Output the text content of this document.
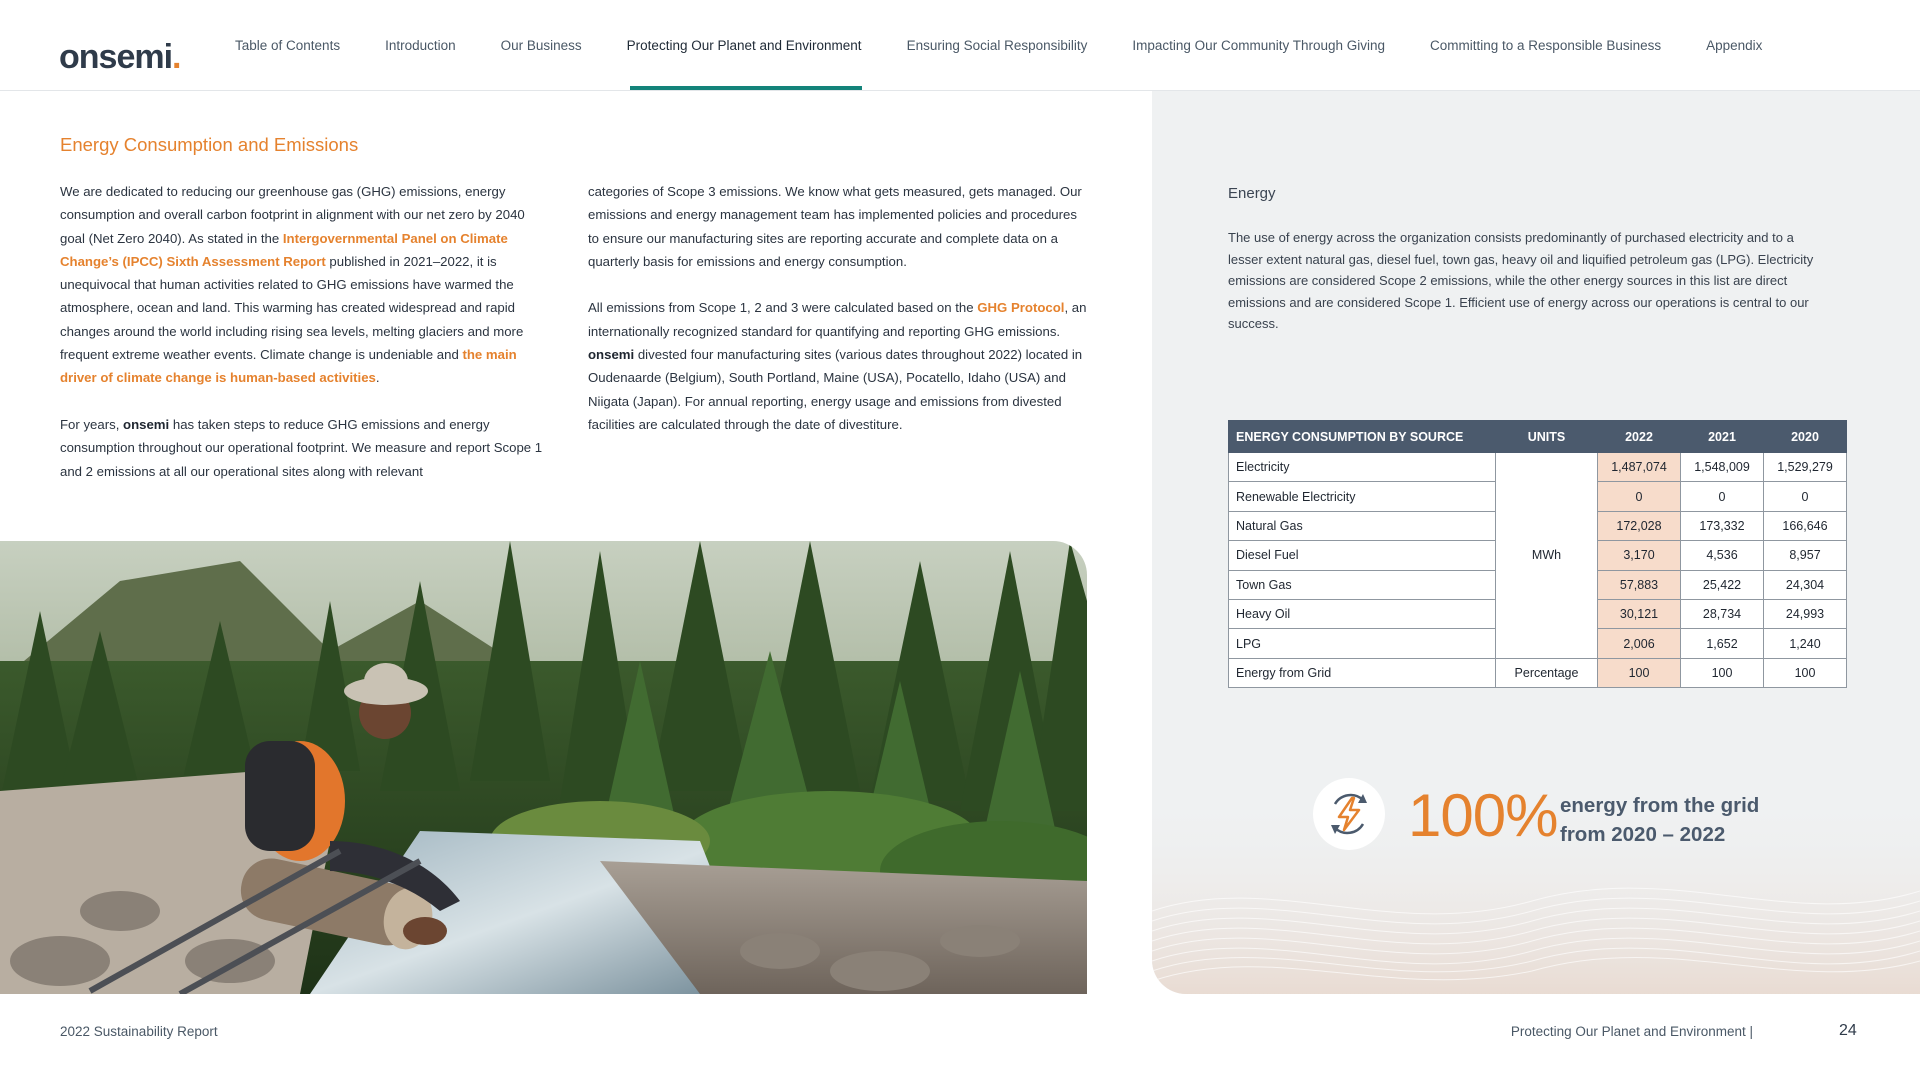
onsemi.	Table of Contents	Introduction	Our Business	Protecting Our Planet and Environment	Ensuring Social Responsibility	Impacting Our Community Through Giving	Committing to a Responsible Business	Appendix
Energy Consumption and Emissions

We are dedicated to reducing our greenhouse gas (GHG) emissions, energy consumption and overall carbon footprint in alignment with our net zero by 2040 goal (Net Zero 2040). As stated in the Intergovernmental Panel on Climate Change’s (IPCC) Sixth Assessment Report published in 2021–2022, it is unequivocal that human activities related to GHG emissions have warmed the atmosphere, ocean and land. This warming has created widespread and rapid changes around the world including rising sea levels, melting glaciers and more frequent extreme weather events. Climate change is undeniable and the main driver of climate change is human-based activities.

For years, onsemi has taken steps to reduce GHG emissions and energy consumption throughout our operational footprint. We measure and report Scope 1 and 2 emissions at all our operational sites along with relevant

categories of Scope 3 emissions. We know what gets measured, gets managed. Our emissions and energy management team has implemented policies and procedures to ensure our manufacturing sites are reporting accurate and complete data on a quarterly basis for emissions and energy consumption.

All emissions from Scope 1, 2 and 3 were calculated based on the GHG Protocol, an internationally recognized standard for quantifying and reporting GHG emissions. onsemi divested four manufacturing sites (various dates throughout 2022) located in Oudenaarde (Belgium), South Portland, Maine (USA), Pocatello, Idaho (USA) and Niigata (Japan). For annual reporting, energy usage and emissions from divested facilities are calculated through the date of divestiture.

Energy
The use of energy across the organization consists predominantly of purchased electricity and to a lesser extent natural gas, diesel fuel, town gas, heavy oil and liquified petroleum gas (LPG). Electricity emissions are considered Scope 2 emissions, while the other energy sources in this list are direct emissions and are considered Scope 1. Efficient use of energy across our operations is central to our success.
ENERGY CONSUMPTION BY SOURCE	UNITS	2022	2021	2020
Electricity	MWh	1,487,074	1,548,009	1,529,279
Renewable Electricity		0	0	0
Natural Gas		172,028	173,332	166,646
Diesel Fuel		3,170	4,536	8,957
Town Gas		57,883	25,422	24,304
Heavy Oil		30,121	28,734	24,993
LPG		2,006	1,652	1,240
Energy from Grid	Percentage	100	100	100
100% energy from the grid
from 2020 – 2022
2022 Sustainability Report	Protecting Our Planet and Environment |	24
